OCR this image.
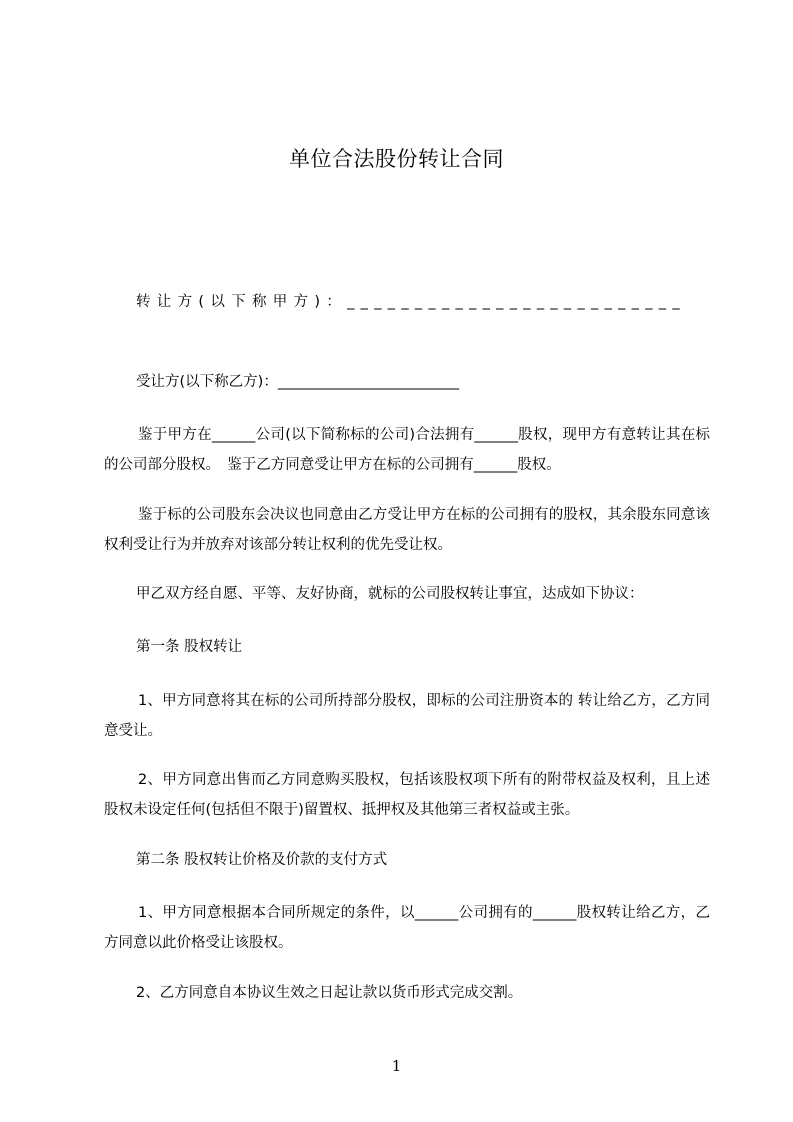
单位合法股份转让合同
转让方(以下称甲方)：_________________________
受让方(以下称乙方)：_________________________
鉴于甲方在______公司(以下简称标的公司)合法拥有______股权，现甲方有意转让其在标的公司部分股权。　鉴于乙方同意受让甲方在标的公司拥有______股权。
鉴于标的公司股东会决议也同意由乙方受让甲方在标的公司拥有的股权，其余股东同意该权利受让行为并放弃对该部分转让权利的优先受让权。
甲乙双方经自愿、平等、友好协商，就标的公司股权转让事宜，达成如下协议：
第一条 股权转让
1、甲方同意将其在标的公司所持部分股权，即标的公司注册资本的 转让给乙方，乙方同意受让。
2、甲方同意出售而乙方同意购买股权，包括该股权项下所有的附带权益及权利，且上述股权未设定任何(包括但不限于)留置权、抵押权及其他第三者权益或主张。
第二条 股权转让价格及价款的支付方式
1、甲方同意根据本合同所规定的条件，以______公司拥有的______股权转让给乙方，乙方同意以此价格受让该股权。
2、乙方同意自本协议生效之日起让款以货币形式完成交割。
1
